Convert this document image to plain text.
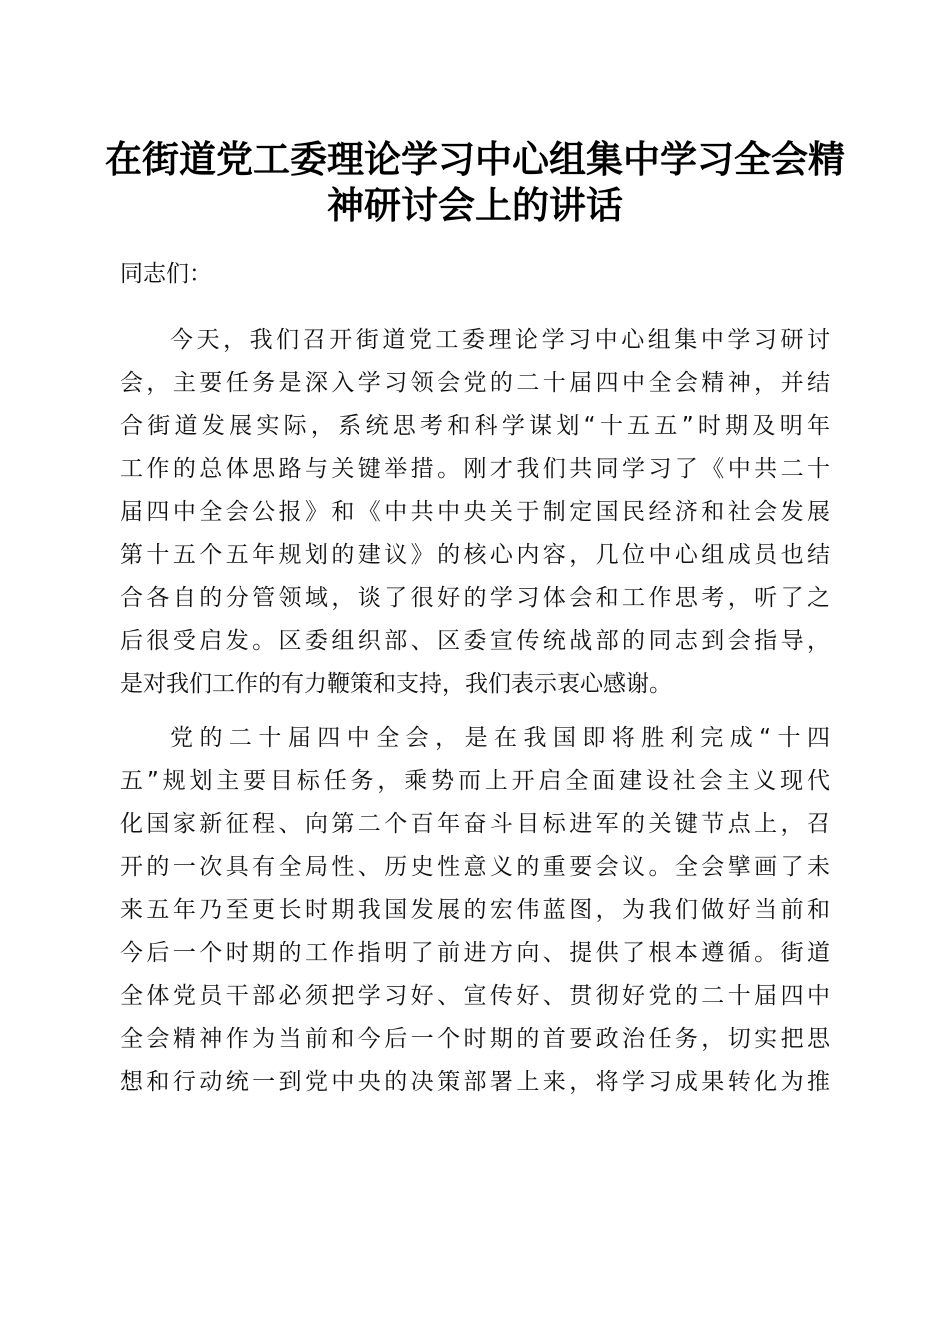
在街道党工委理论学习中心组集中学习全会精
神研讨会上的讲话
同志们：
今天，我们召开街道党工委理论学习中心组集中学习研讨
会，主要任务是深入学习领会党的二十届四中全会精神，并结
合街道发展实际，系统思考和科学谋划“十五五”时期及明年
工作的总体思路与关键举措。刚才我们共同学习了《中共二十
届四中全会公报》和《中共中央关于制定国民经济和社会发展
第十五个五年规划的建议》的核心内容，几位中心组成员也结
合各自的分管领域，谈了很好的学习体会和工作思考，听了之
后很受启发。区委组织部、区委宣传统战部的同志到会指导，
是对我们工作的有力鞭策和支持，我们表示衷心感谢。
党的二十届四中全会，是在我国即将胜利完成“十四
五”规划主要目标任务，乘势而上开启全面建设社会主义现代
化国家新征程、向第二个百年奋斗目标进军的关键节点上，召
开的一次具有全局性、历史性意义的重要会议。全会擘画了未
来五年乃至更长时期我国发展的宏伟蓝图，为我们做好当前和
今后一个时期的工作指明了前进方向、提供了根本遵循。街道
全体党员干部必须把学习好、宣传好、贯彻好党的二十届四中
全会精神作为当前和今后一个时期的首要政治任务，切实把思
想和行动统一到党中央的决策部署上来，将学习成果转化为推
